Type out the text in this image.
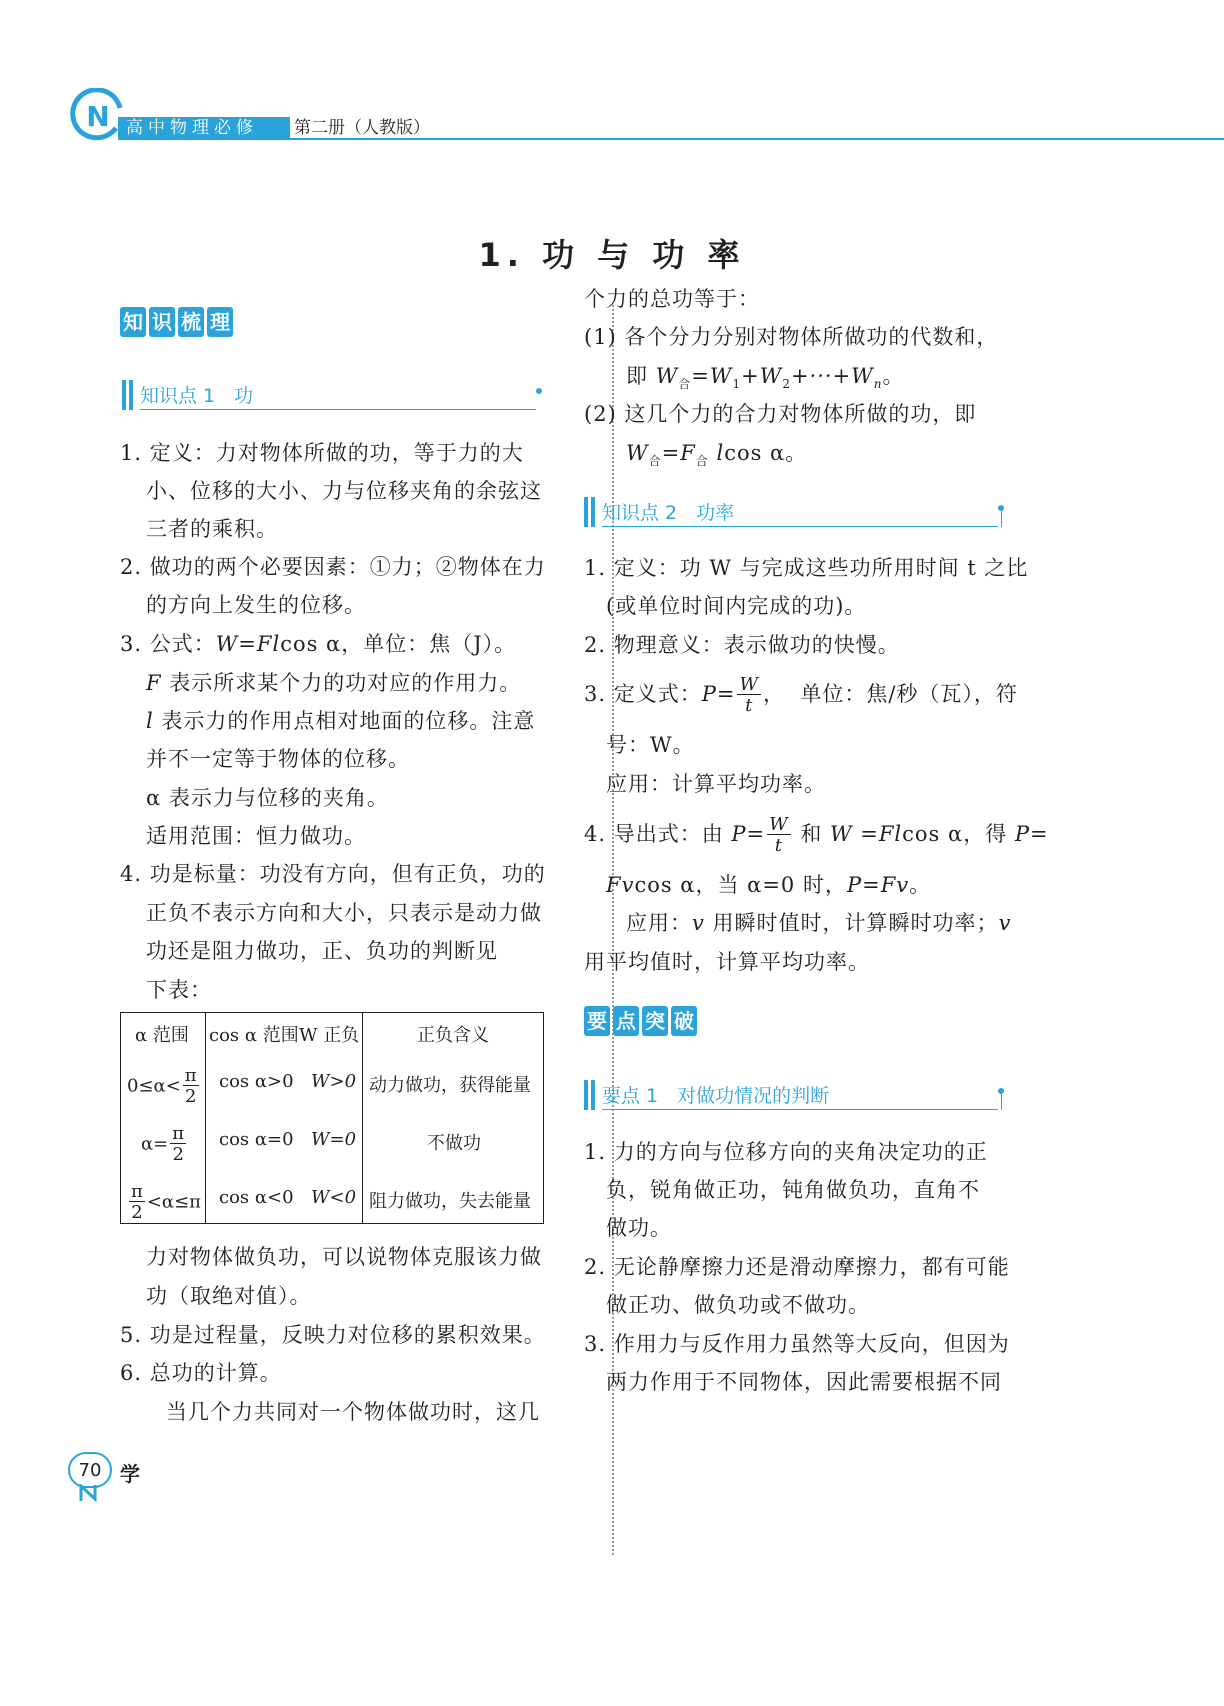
N 高中物理必修 第二册（人教版）
1. 功 与 功 率
知 识 梳 理
知识点 1　功
1. 定义：力对物体所做的功，等于力的大
小、位移的大小、力与位移夹角的余弦这
三者的乘积。
2. 做功的两个必要因素：①力；②物体在力
的方向上发生的位移。
3. 公式：W=Flcos α，单位：焦（J）。
F 表示所求某个力的功对应的作用力。
l 表示力的作用点相对地面的位移。注意
并不一定等于物体的位移。
α 表示力与位移的夹角。
适用范围：恒力做功。
4. 功是标量：功没有方向，但有正负，功的
正负不表示方向和大小，只表示是动力做
功还是阻力做功，正、负功的判断见
下表：
α 范围 cos α 范围 W 正负	正负含义
$0\le\alpha< \frac{\pi}{2}$ cos α>0 W>0 动力做功，获得能量
$\alpha= \frac{\pi}{2}$ cos α=0 W=0	不做功
$\frac{\pi}{2} <\alpha\le\pi$ cos α<0 W<0 阻力做功，失去能量
力对物体做负功，可以说物体克服该力做
功（取绝对值）。
5. 功是过程量，反映力对位移的累积效果。
6. 总功的计算。
当几个力共同对一个物体做功时，这几
个力的总功等于：
(1) 各个分力分别对物体所做功的代数和，
即 $W_合=W_1+W_2+\cdot\cdot\cdot+W_n$。
(2) 这几个力的合力对物体所做的功，即
$W_合=F_合$ lcos α。
知识点 2　功率
1. 定义：功 W 与完成这些功所用时间 t 之比
(或单位时间内完成的功)。
2. 物理意义：表示做功的快慢。
3. 定义式：$P= \frac{W}{t}$ ，  单位：焦/秒（瓦），符
号：W。
应用：计算平均功率。
4. 导出式：由 $P= \frac{W}{t}$ 和 W =Flcos α，得 P=
Fvcos α，当 α=0 时，P=Fv。
应用：v 用瞬时值时，计算瞬时功率；v
用平均值时，计算平均功率。
要 点 突 破
要点 1　对做功情况的判断
1. 力的方向与位移方向的夹角决定功的正
负，锐角做正功，钝角做负功，直角不
做功。
2. 无论静摩擦力还是滑动摩擦力，都有可能
做正功、做负功或不做功。
3. 作用力与反作用力虽然等大反向，但因为
两力作用于不同物体，因此需要根据不同
70 学
